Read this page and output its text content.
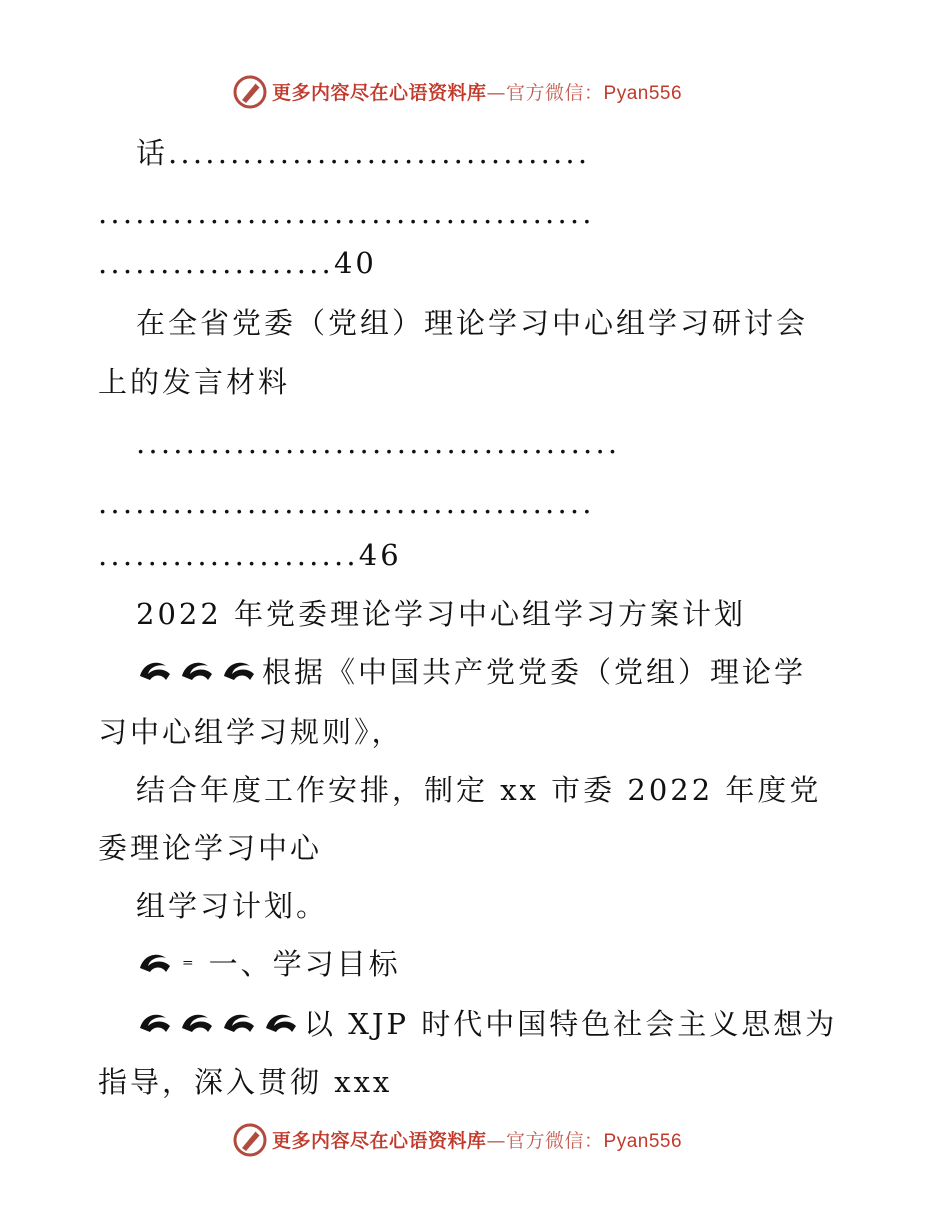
更多内容尽在心语资料库—官方微信：Pyan556
话..................................
........................................
...................40
在全省党委（党组）理论学习中心组学习研讨会
上的发言材料
.......................................
........................................
.....................46
2022 年党委理论学习中心组学习方案计划
根据《中国共产党党委（党组）理论学
习中心组学习规则》，
结合年度工作安排，制定 xx 市委 2022 年度党
委理论学习中心
组学习计划。
⁼ 一、学习目标
以 XJP 时代中国特色社会主义思想为
指导，深入贯彻 xxx
更多内容尽在心语资料库—官方微信：Pyan556
